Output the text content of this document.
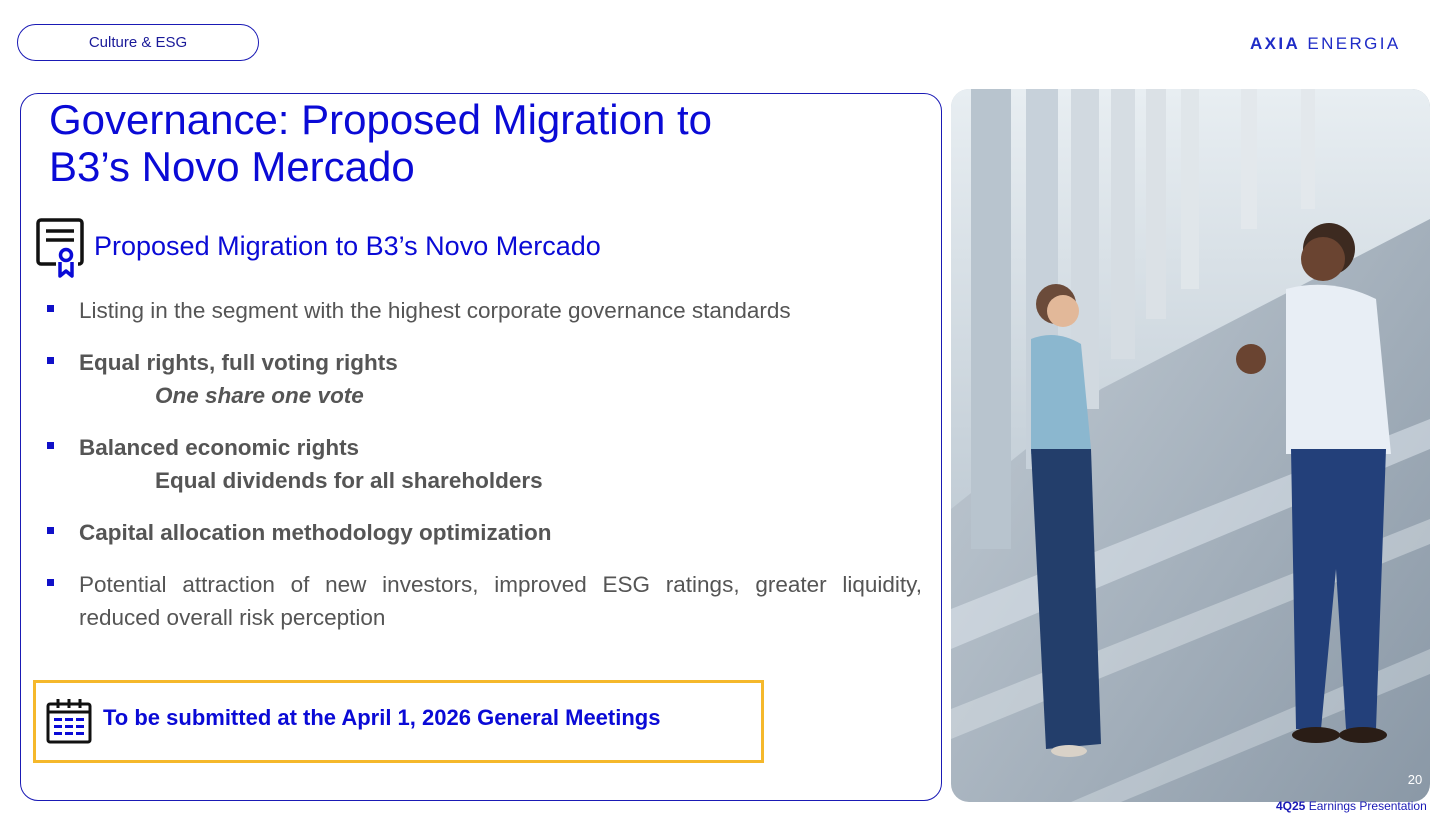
Culture & ESG	AXIA ENERGIA
Governance: Proposed Migration to
B3’s Novo Mercado
Proposed Migration to B3’s Novo Mercado
Listing in the segment with the highest corporate governance standards
Equal rights, full voting rights
One share one vote
Balanced economic rights
Equal dividends for all shareholders
Capital allocation methodology optimization
Potential attraction of new investors, improved ESG ratings, greater liquidity, reduced overall risk perception
To be submitted at the April 1, 2026 General Meetings
20
4Q25 Earnings Presentation
